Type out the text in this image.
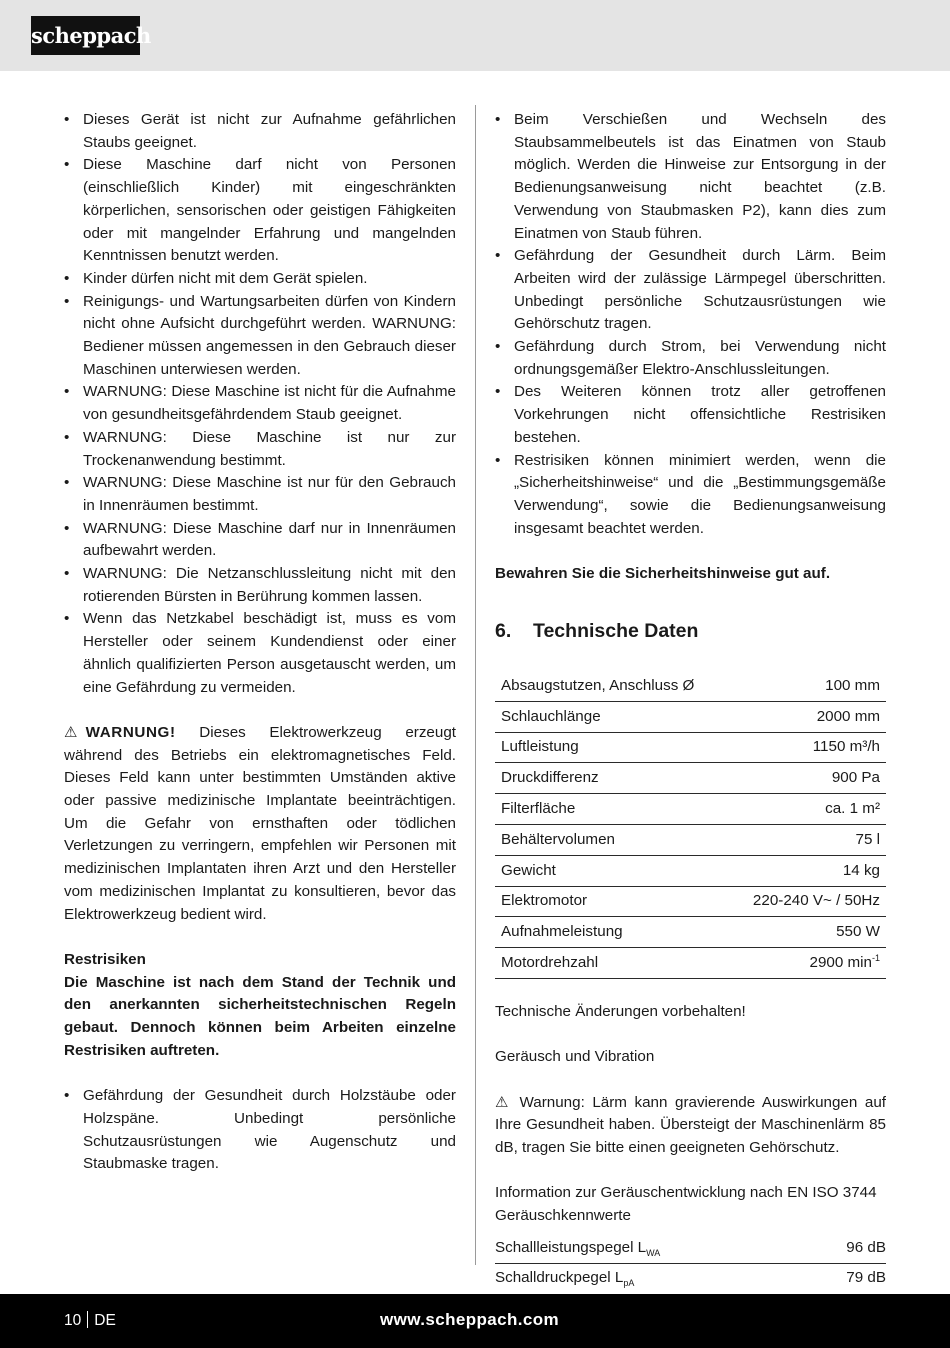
scheppach
• Dieses Gerät ist nicht zur Aufnahme gefährlichen Staubs geeignet.
• Diese Maschine darf nicht von Personen (einschließlich Kinder) mit eingeschränkten körperlichen, sensorischen oder geistigen Fähigkeiten oder mit mangelnder Erfahrung und mangelnden Kenntnissen benutzt werden.
• Kinder dürfen nicht mit dem Gerät spielen.
• Reinigungs- und Wartungsarbeiten dürfen von Kindern nicht ohne Aufsicht durchgeführt werden. WARNUNG: Bediener müssen angemessen in den Gebrauch dieser Maschinen unterwiesen werden.
• WARNUNG: Diese Maschine ist nicht für die Aufnahme von gesundheitsgefährdendem Staub geeignet.
• WARNUNG: Diese Maschine ist nur zur Trockenanwendung bestimmt.
• WARNUNG: Diese Maschine ist nur für den Gebrauch in Innenräumen bestimmt.
• WARNUNG: Diese Maschine darf nur in Innenräumen aufbewahrt werden.
• WARNUNG: Die Netzanschlussleitung nicht mit den rotierenden Bürsten in Berührung kommen lassen.
• Wenn das Netzkabel beschädigt ist, muss es vom Hersteller oder seinem Kundendienst oder einer ähnlich qualifizierten Person ausgetauscht werden, um eine Gefährdung zu vermeiden.

⚠ WARNUNG! Dieses Elektrowerkzeug erzeugt während des Betriebs ein elektromagnetisches Feld. Dieses Feld kann unter bestimmten Umständen aktive oder passive medizinische Implantate beeinträchtigen. Um die Gefahr von ernsthaften oder tödlichen Verletzungen zu verringern, empfehlen wir Personen mit medizinischen Implantaten ihren Arzt und den Hersteller vom medizinischen Implantat zu konsultieren, bevor das Elektrowerkzeug bedient wird.

Restrisiken

Die Maschine ist nach dem Stand der Technik und den anerkannten sicherheitstechnischen Regeln gebaut. Dennoch können beim Arbeiten einzelne Restrisiken auftreten.

• Gefährdung der Gesundheit durch Holzstäube oder Holzspäne. Unbedingt persönliche Schutzausrüstungen wie Augenschutz und Staubmaske tragen.
• Beim Verschießen und Wechseln des Staubsammelbeutels ist das Einatmen von Staub möglich. Werden die Hinweise zur Entsorgung in der Bedienungsanweisung nicht beachtet (z.B. Verwendung von Staubmasken P2), kann dies zum Einatmen von Staub führen.
• Gefährdung der Gesundheit durch Lärm. Beim Arbeiten wird der zulässige Lärmpegel überschritten. Unbedingt persönliche Schutzausrüstungen wie Gehörschutz tragen.
• Gefährdung durch Strom, bei Verwendung nicht ordnungsgemäßer Elektro-Anschlussleitungen.
• Des Weiteren können trotz aller getroffenen Vorkehrungen nicht offensichtliche Restrisiken bestehen.
• Restrisiken können minimiert werden, wenn die „Sicherheitshinweise“ und die „Bestimmungsgemäße Verwendung“, sowie die Bedienungsanweisung insgesamt beachtet werden.

Bewahren Sie die Sicherheitshinweise gut auf.

6. Technische Daten
Absaugstutzen, Anschluss Ø	100 mm
Schlauchlänge	2000 mm
Luftleistung	1150 m³/h
Druckdifferenz	900 Pa
Filterfläche	ca. 1 m²
Behältervolumen	75 l
Gewicht	14 kg
Elektromotor	220-240 V~ / 50Hz
Aufnahmeleistung	550 W
Motordrehzahl	2900 $\min^{-1}$

Technische Änderungen vorbehalten!

Geräusch und Vibration

⚠ Warnung: Lärm kann gravierende Auswirkungen auf Ihre Gesundheit haben. Übersteigt der Maschinenlärm 85 dB, tragen Sie bitte einen geeigneten Gehörschutz.

Information zur Geräuschentwicklung nach EN ISO 3744

Geräuschkennwerte

Schallleistungspegel $L_{WA}$	96 dB
Schalldruckpegel $L_{pA}$	79 dB
10 DE	www.scheppach.com
